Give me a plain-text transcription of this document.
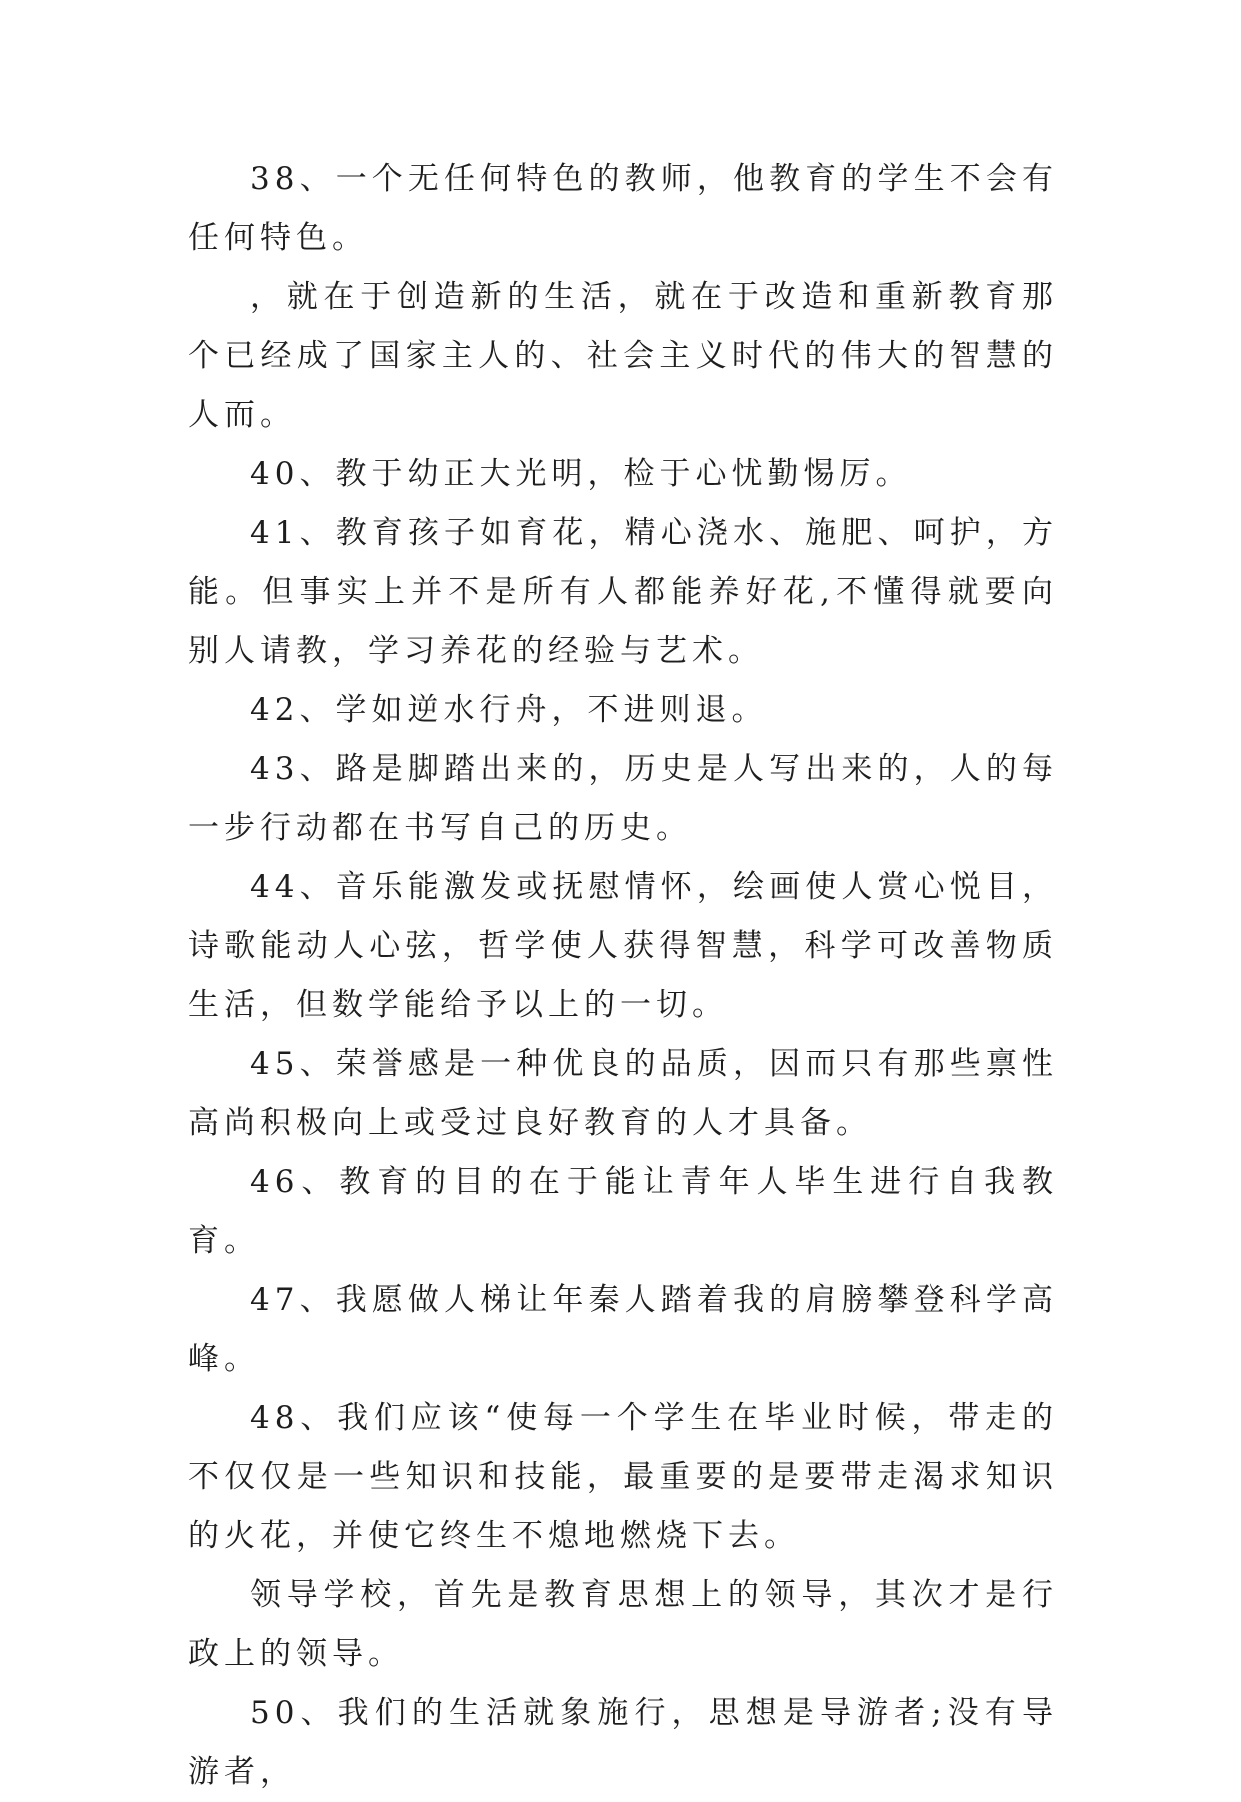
38、一个无任何特色的教师，他教育的学生不会有任何特色。

，就在于创造新的生活，就在于改造和重新教育那个已经成了国家主人的、社会主义时代的伟大的智慧的人而。

40、教于幼正大光明，检于心忧勤惕厉。

41、教育孩子如育花，精心浇水、施肥、呵护，方能。但事实上并不是所有人都能养好花,不懂得就要向别人请教，学习养花的经验与艺术。

42、学如逆水行舟，不进则退。

43、路是脚踏出来的，历史是人写出来的，人的每一步行动都在书写自己的历史。

44、音乐能激发或抚慰情怀，绘画使人赏心悦目，诗歌能动人心弦，哲学使人获得智慧，科学可改善物质生活，但数学能给予以上的一切。

45、荣誉感是一种优良的品质，因而只有那些禀性高尚积极向上或受过良好教育的人才具备。

46、教育的目的在于能让青年人毕生进行自我教育。

47、我愿做人梯让年秦人踏着我的肩膀攀登科学高峰。

48、我们应该“使每一个学生在毕业时候，带走的不仅仅是一些知识和技能，最重要的是要带走渴求知识的火花，并使它终生不熄地燃烧下去。

领导学校，首先是教育思想上的领导，其次才是行政上的领导。

50、我们的生活就象施行，思想是导游者;没有导游者，
